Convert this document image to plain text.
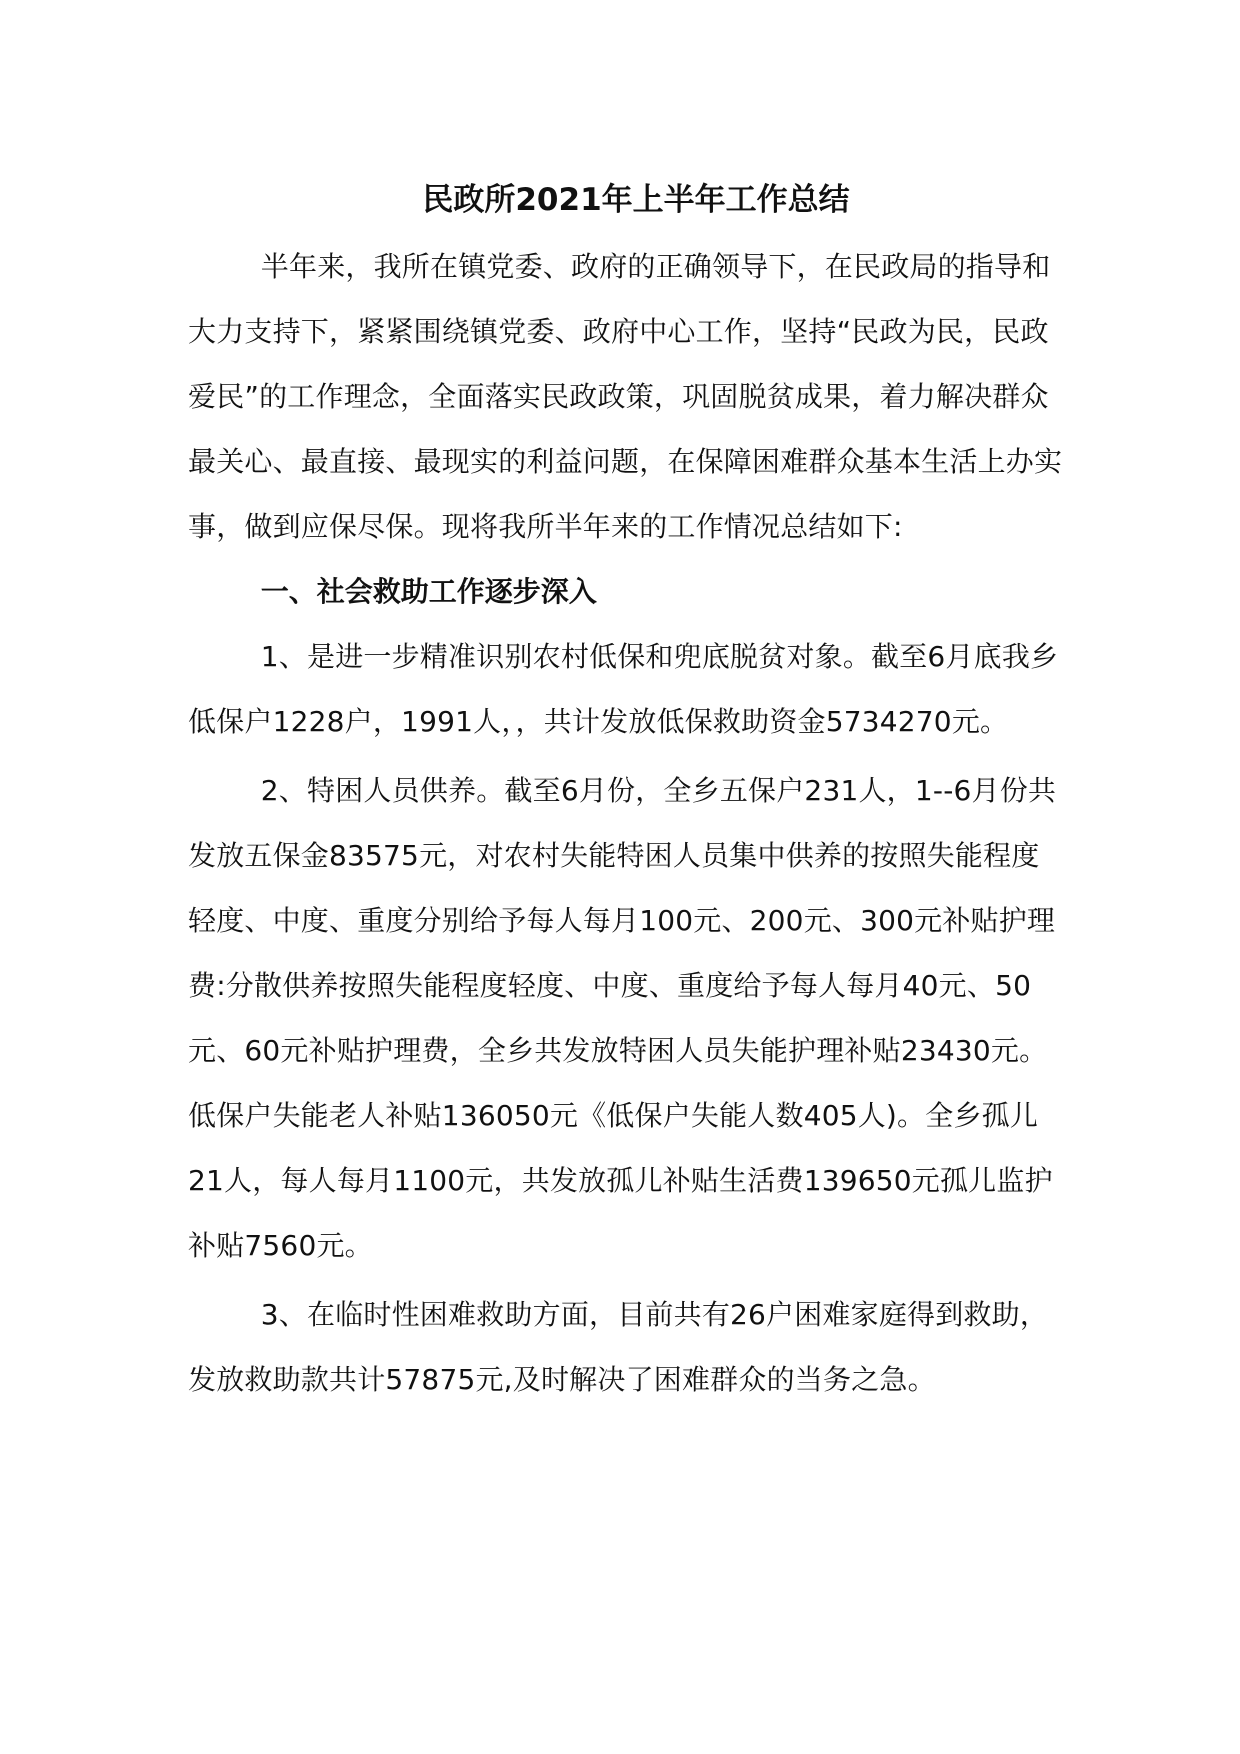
民政所2021年上半年工作总结

半年来，我所在镇党委、政府的正确领导下，在民政局的指导和大力支持下，紧紧围绕镇党委、政府中心工作，坚持“民政为民，民政爱民”的工作理念，全面落实民政政策，巩固脱贫成果，着力解决群众最关心、最直接、最现实的利益问题，在保障困难群众基本生活上办实事，做到应保尽保。现将我所半年来的工作情况总结如下:

一、社会救助工作逐步深入

1、是进一步精准识别农村低保和兜底脱贫对象。截至6月底我乡低保户1228户，1991人，，共计发放低保救助资金5734270元。

2、特困人员供养。截至6月份，全乡五保户231人，1--6月份共发放五保金83575元，对农村失能特困人员集中供养的按照失能程度轻度、中度、重度分别给予每人每月100元、200元、300元补贴护理费:分散供养按照失能程度轻度、中度、重度给予每人每月40元、50元、60元补贴护理费，全乡共发放特困人员失能护理补贴23430元。低保户失能老人补贴136050元《低保户失能人数405人)。全乡孤儿21人，每人每月1100元，共发放孤儿补贴生活费139650元孤儿监护补贴7560元。

3、在临时性困难救助方面，目前共有26户困难家庭得到救助，发放救助款共计57875元,及时解决了困难群众的当务之急。
